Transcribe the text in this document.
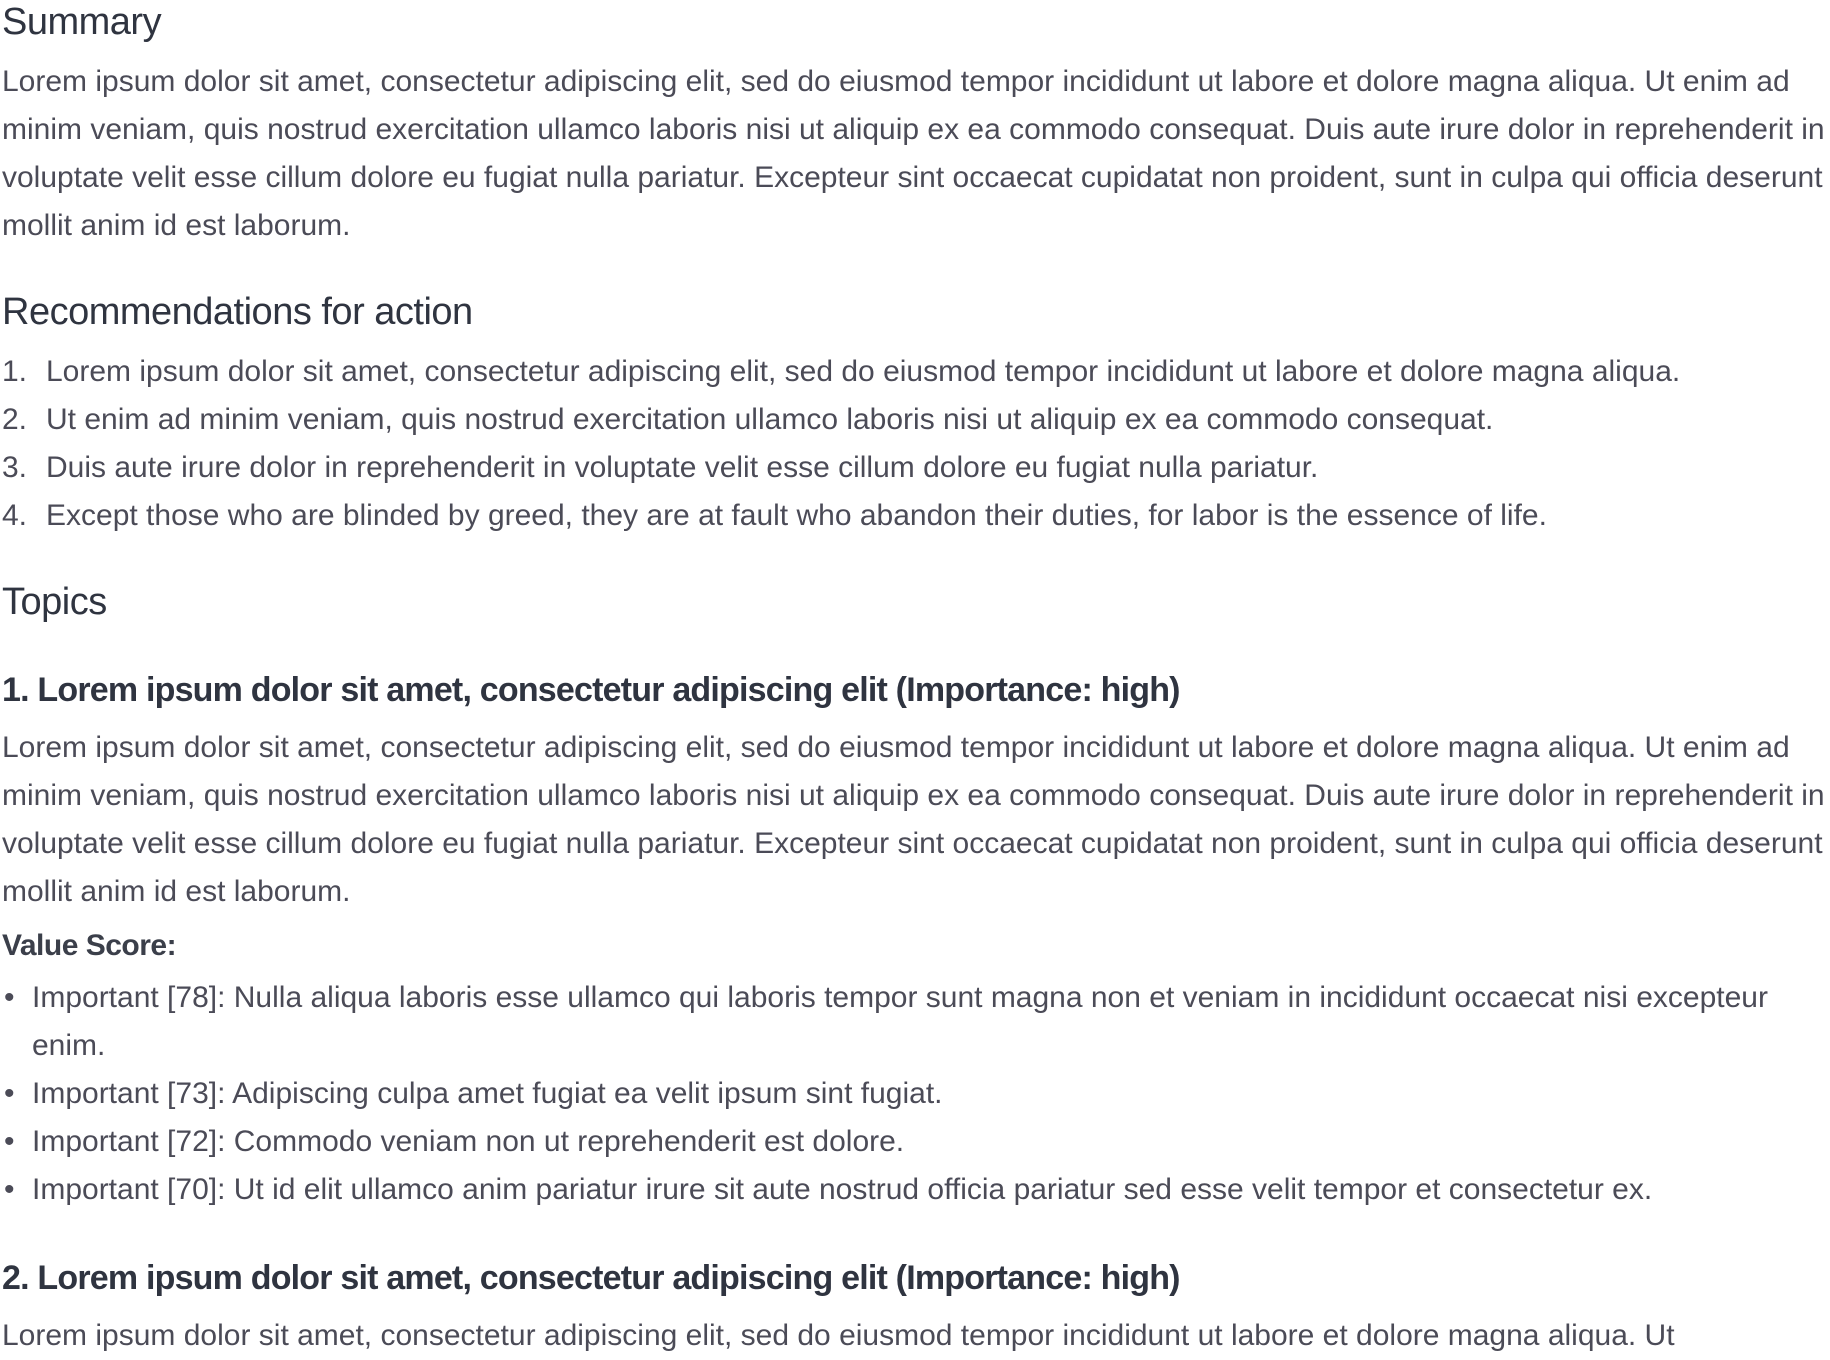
Summary

Lorem ipsum dolor sit amet, consectetur adipiscing elit, sed do eiusmod tempor incididunt ut labore et dolore magna aliqua. Ut enim ad minim veniam, quis nostrud exercitation ullamco laboris nisi ut aliquip ex ea commodo consequat. Duis aute irure dolor in reprehenderit in voluptate velit esse cillum dolore eu fugiat nulla pariatur. Excepteur sint occaecat cupidatat non proident, sunt in culpa qui officia deserunt mollit anim id est laborum.

Recommendations for action
1. Lorem ipsum dolor sit amet, consectetur adipiscing elit, sed do eiusmod tempor incididunt ut labore et dolore magna aliqua.
2. Ut enim ad minim veniam, quis nostrud exercitation ullamco laboris nisi ut aliquip ex ea commodo consequat.
3. Duis aute irure dolor in reprehenderit in voluptate velit esse cillum dolore eu fugiat nulla pariatur.
4. Except those who are blinded by greed, they are at fault who abandon their duties, for labor is the essence of life.
Topics
1. Lorem ipsum dolor sit amet, consectetur adipiscing elit (Importance: high)

Lorem ipsum dolor sit amet, consectetur adipiscing elit, sed do eiusmod tempor incididunt ut labore et dolore magna aliqua. Ut enim ad minim veniam, quis nostrud exercitation ullamco laboris nisi ut aliquip ex ea commodo consequat. Duis aute irure dolor in reprehenderit in voluptate velit esse cillum dolore eu fugiat nulla pariatur. Excepteur sint occaecat cupidatat non proident, sunt in culpa qui officia deserunt mollit anim id est laborum.

Value Score:
• Important [78]: Nulla aliqua laboris esse ullamco qui laboris tempor sunt magna non et veniam in incididunt occaecat nisi excepteur enim.
• Important [73]: Adipiscing culpa amet fugiat ea velit ipsum sint fugiat.
• Important [72]: Commodo veniam non ut reprehenderit est dolore.
• Important [70]: Ut id elit ullamco anim pariatur irure sit aute nostrud officia pariatur sed esse velit tempor et consectetur ex.
2. Lorem ipsum dolor sit amet, consectetur adipiscing elit (Importance: high)

Lorem ipsum dolor sit amet, consectetur adipiscing elit, sed do eiusmod tempor incididunt ut labore et dolore magna aliqua. Ut
